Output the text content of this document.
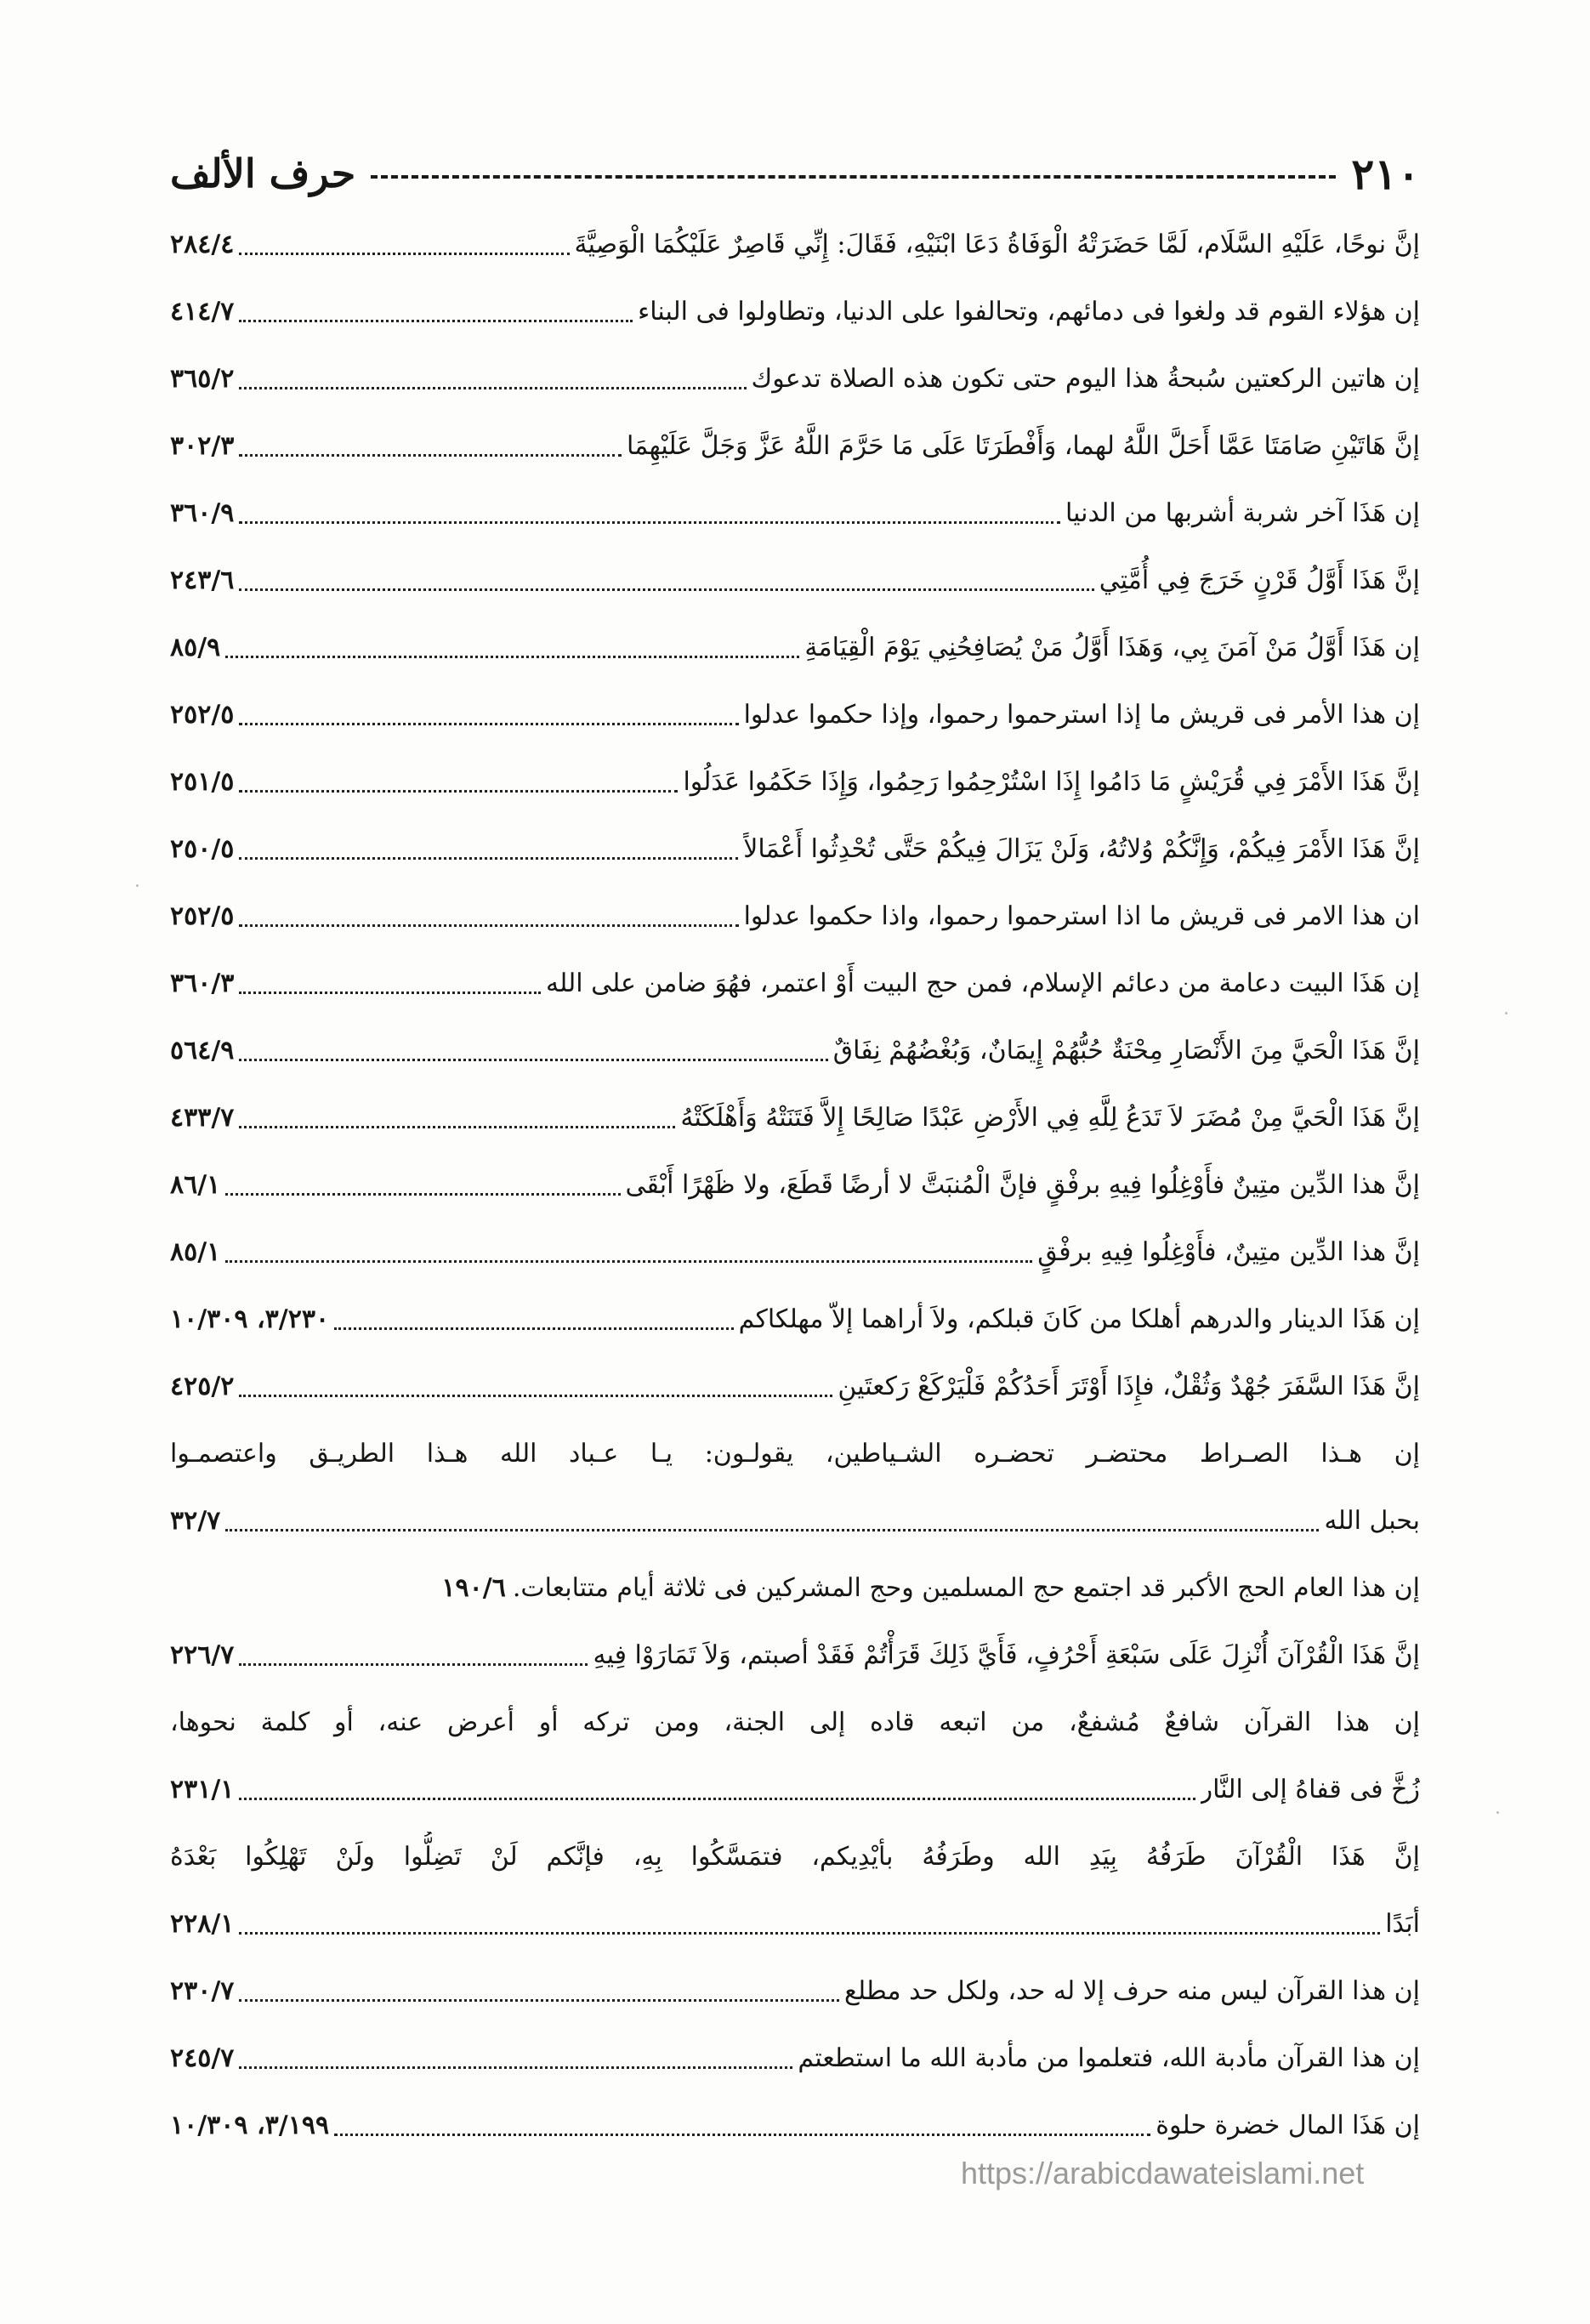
٢١٠
حرف الألف
إنَّ نوحًا، عَلَيْهِ السَّلَام، لَمَّا حَضَرَتْهُ الْوَفَاةُ دَعَا ابْنَيْهِ، فَقَالَ: إِنِّي قَاصِرٌ عَلَيْكُمَا الْوَصِيَّةَ
٢٨٤/٤
إن هؤلاء القوم قد ولغوا فى دمائهم، وتحالفوا على الدنيا، وتطاولوا فى البناء
٤١٤/٧
إن هاتين الركعتين سُبحةُ هذا اليوم حتى تكون هذه الصلاة تدعوك
٣٦٥/٢
إنَّ هَاتَيْنِ صَامَتَا عَمَّا أَحَلَّ اللَّهُ لهما، وَأَفْطَرَتَا عَلَى مَا حَرَّمَ اللَّهُ عَزَّ وَجَلَّ عَلَيْهِمَا
٣٠٢/٣
إن هَذَا آخر شربة أشربها من الدنيا
٣٦٠/٩
إنَّ هَذَا أَوَّلُ قَرْنٍ خَرَجَ فِي أُمَّتِي
٢٤٣/٦
إن هَذَا أَوَّلُ مَنْ آمَنَ بِي، وَهَذَا أَوَّلُ مَنْ يُصَافِحُنِي يَوْمَ الْقِيَامَةِ
٨٥/٩
إن هذا الأمر فى قريش ما إذا استرحموا رحموا، وإذا حكموا عدلوا
٢٥٢/٥
إنَّ هَذَا الأَمْرَ فِي قُرَيْشٍ مَا دَامُوا إِذَا اسْتُرْحِمُوا رَحِمُوا، وَإِذَا حَكَمُوا عَدَلُوا
٢٥١/٥
إنَّ هَذَا الأَمْرَ فِيكُمْ، وَإِنَّكُمْ وُلاتُهُ، وَلَنْ يَزَالَ فِيكُمْ حَتَّى تُحْدِثُوا أَعْمَالاً
٢٥٠/٥
ان هذا الامر فى قريش ما اذا استرحموا رحموا، واذا حكموا عدلوا
٢٥٢/٥
إن هَذَا البيت دعامة من دعائم الإسلام، فمن حج البيت أَوْ اعتمر، فهُوَ ضامن على الله
٣٦٠/٣
إنَّ هَذَا الْحَيَّ مِنَ الأَنْصَارِ مِحْنَةٌ حُبُّهُمْ إِيمَانٌ، وَبُغْضُهُمْ نِفَاقٌ
٥٦٤/٩
إنَّ هَذَا الْحَيَّ مِنْ مُضَرَ لاَ تَدَعُ لِلَّهِ فِي الأَرْضِ عَبْدًا صَالِحًا إِلاَّ فَتَنَتْهُ وَأَهْلَكَتْهُ
٤٣٣/٧
إنَّ هذا الدِّين متِينٌ فأَوْغِلُوا فِيهِ برفْقٍ فإنَّ الْمُنبَتَّ لا أرضًا قَطَعَ، ولا ظَهْرًا أَبْقَى
٨٦/١
إنَّ هذا الدِّين متِينٌ، فأَوْغِلُوا فِيهِ برفْقٍ
٨٥/١
إن هَذَا الدينار والدرهم أهلكا من كَانَ قبلكم، ولاَ أراهما إلاّ مهلكاكم
٣/٢٣٠، ١٠/٣٠٩
إنَّ هَذَا السَّفَرَ جُهْدٌ وَثُقْلٌ، فإِذَا أَوْتَرَ أَحَدُكُمْ فَلْيَرْكَعْ رَكعتَينِ
٤٢٥/٢
إن هـذا الصـراط محتضـر تحضـره الشـياطين، يقولـون: يـا عـباد الله هـذا الطريـق واعتصمـوا
بحبل الله
٣٢/٧
إن هذا العام الحج الأكبر قد اجتمع حج المسلمين وحج المشركين فى ثلاثة أيام متتابعات.
١٩٠/٦
إنَّ هَذَا الْقُرْآنَ أُنْزِلَ عَلَى سَبْعَةِ أَحْرُفٍ، فَأَيَّ ذَلِكَ قَرَأْتُمْ فَقَدْ أصبتم، وَلاَ تَمَارَوْا فِيهِ
٢٢٦/٧
إن هذا القرآن شافعٌ مُشفعٌ، من اتبعه قاده إلى الجنة، ومن تركه أو أعرض عنه، أو كلمة نحوها،
زُخَّ فى قفاهُ إلى النَّار
٢٣١/١
إنَّ هَذَا الْقُرْآنَ طَرَفُهُ بِيَدِ الله وطَرَفُهُ بأيْدِيكم، فتمَسَّكُوا بِهِ، فإنَّكم لَنْ تَضِلُّوا ولَنْ تَهْلِكُوا بَعْدَهُ
أبَدًا
٢٢٨/١
إن هذا القرآن ليس منه حرف إلا له حد، ولكل حد مطلع
٢٣٠/٧
إن هذا القرآن مأدبة الله، فتعلموا من مأدبة الله ما استطعتم
٢٤٥/٧
إن هَذَا المال خضرة حلوة
٣/١٩٩، ١٠/٣٠٩
https://arabicdawateislami.net
